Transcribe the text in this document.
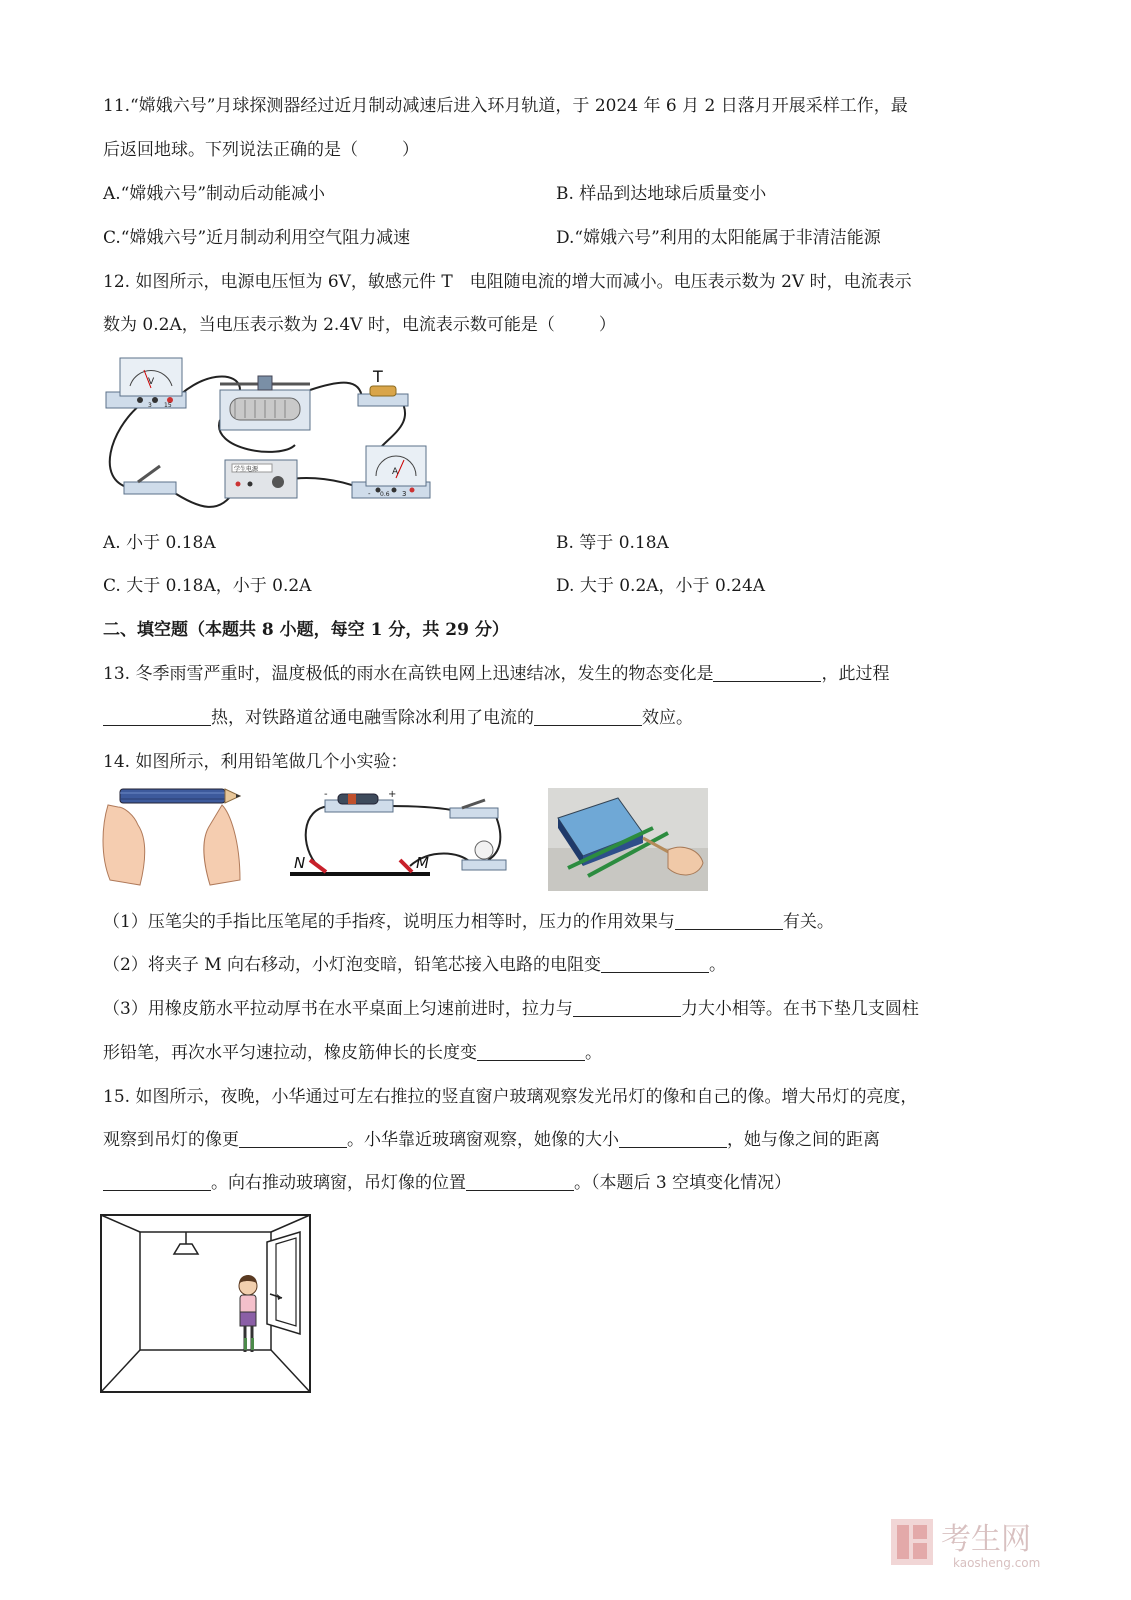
11.“嫦娥六号”月球探测器经过近月制动减速后进入环月轨道，于 2024 年 6 月 2 日落月开展采样工作，最
后返回地球。下列说法正确的是（	）
A.“嫦娥六号”制动后动能减小	B. 样品到达地球后质量变小
C.“嫦娥六号”近月制动利用空气阻力减速	D.“嫦娥六号”利用的太阳能属于非清洁能源
12. 如图所示，电源电压恒为 6V，敏感元件 T　电阻随电流的增大而减小。电压表示数为 2V 时，电流表示
数为 0.2A，当电压表示数为 2.4V 时，电流表示数可能是（	）
V
3 15
T
学生电源	A
- 0.6 3
A. 小于 0.18A	B. 等于 0.18A
C. 大于 0.18A，小于 0.2A	D. 大于 0.2A，小于 0.24A
二、填空题（本题共 8 小题，每空 1 分，共 29 分）
13. 冬季雨雪严重时，温度极低的雨水在高铁电网上迅速结冰，发生的物态变化是	，此过程
热，对铁路道岔通电融雪除冰利用了电流的	效应。
14. 如图所示，利用铅笔做几个小实验：
-	+
N	M
（1）压笔尖的手指比压笔尾的手指疼，说明压力相等时，压力的作用效果与	有关。
（2）将夹子 M 向右移动，小灯泡变暗，铅笔芯接入电路的电阻变	。
（3）用橡皮筋水平拉动厚书在水平桌面上匀速前进时，拉力与	力大小相等。在书下垫几支圆柱
形铅笔，再次水平匀速拉动，橡皮筋伸长的长度变	。
15. 如图所示，夜晚，小华通过可左右推拉的竖直窗户玻璃观察发光吊灯的像和自己的像。增大吊灯的亮度，
观察到吊灯的像更	。小华靠近玻璃窗观察，她像的大小	，她与像之间的距离
。向右推动玻璃窗，吊灯像的位置	。（本题后 3 空填变化情况）
考生网
kaosheng.com
